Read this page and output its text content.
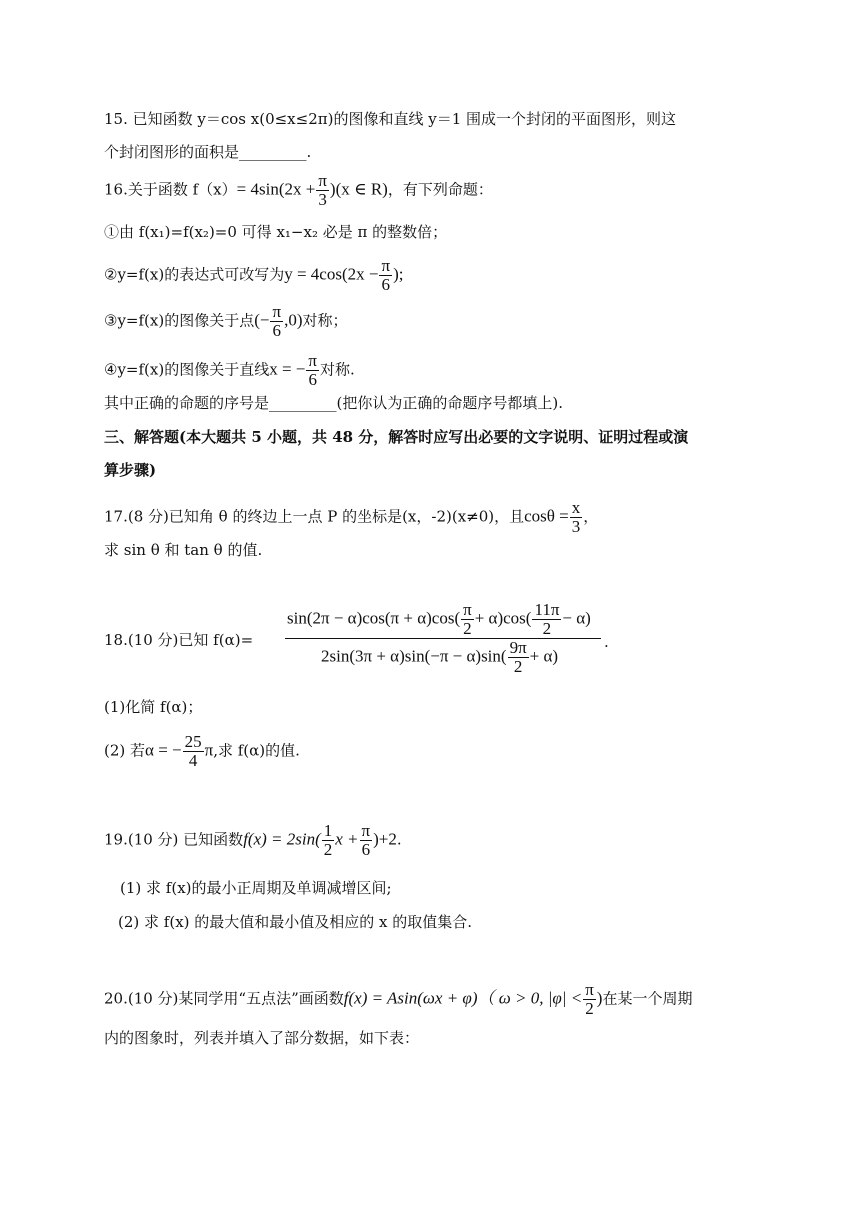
15. 已知函数 y＝cos x(0≤x≤2π)的图像和直线 y＝1 围成一个封闭的平面图形，则这
个封闭图形的面积是_________.
16.关于函数 $f(x)= 4\sin(2x + \frac{\pi}{3} )(x$ ∈ R)，有下列命题：
①由 f(x₁)=f(x₂)=0 可得 x₁−x₂ 必是 π 的整数倍；
②y=f(x)的表达式可改写为$y = 4\cos(2x - \frac{\pi}{6}$ );
③y=f(x)的图像关于点(− $\frac{\pi}{6} ,0$)对称；
④y=f(x)的图像关于直线x = − $\frac{\pi}{6}$ 对称.
其中正确的命题的序号是_________(把你认为正确的命题序号都填上).
三、解答题(本大题共 5 小题，共 48 分，解答时应写出必要的文字说明、证明过程或演
算步骤)
17.(8 分)已知角 θ 的终边上一点 P 的坐标是(x，-2)(x≠0)，且$\cos\theta = \frac{x}{3}$ ，
求 sin θ 和 tan θ 的值.
18.(10 分)已知 f(α)=
$\sin(2\pi - \alpha)\cos(\pi + \alpha)\cos( \frac{\pi}{2} + \alpha)\cos( \frac{11\pi}{2} - \alpha)$
$2\sin(3\pi + \alpha)\sin(-\pi - \alpha)\sin( \frac{9\pi}{2} + \alpha)$
.
(1)化简 f(α)；
(2) 若α = − $\frac{25}{4} \pi$,求 f(α)的值.
19.(10 分) 已知函数$f(x) = 2\sin( \frac{1}{2}$ $x + \frac{\pi}{6} )+2$.
(1) 求 f(x)的最小正周期及单调减增区间;
(2) 求 f(x) 的最大值和最小值及相应的 x 的取值集合.
20.(10 分)某同学用“五点法”画函数f(x) = Asin(ωx + φ)（ ω > 0, $|\varphi| < \frac{\pi}{2}$ )在某一个周期
内的图象时，列表并填入了部分数据，如下表：
